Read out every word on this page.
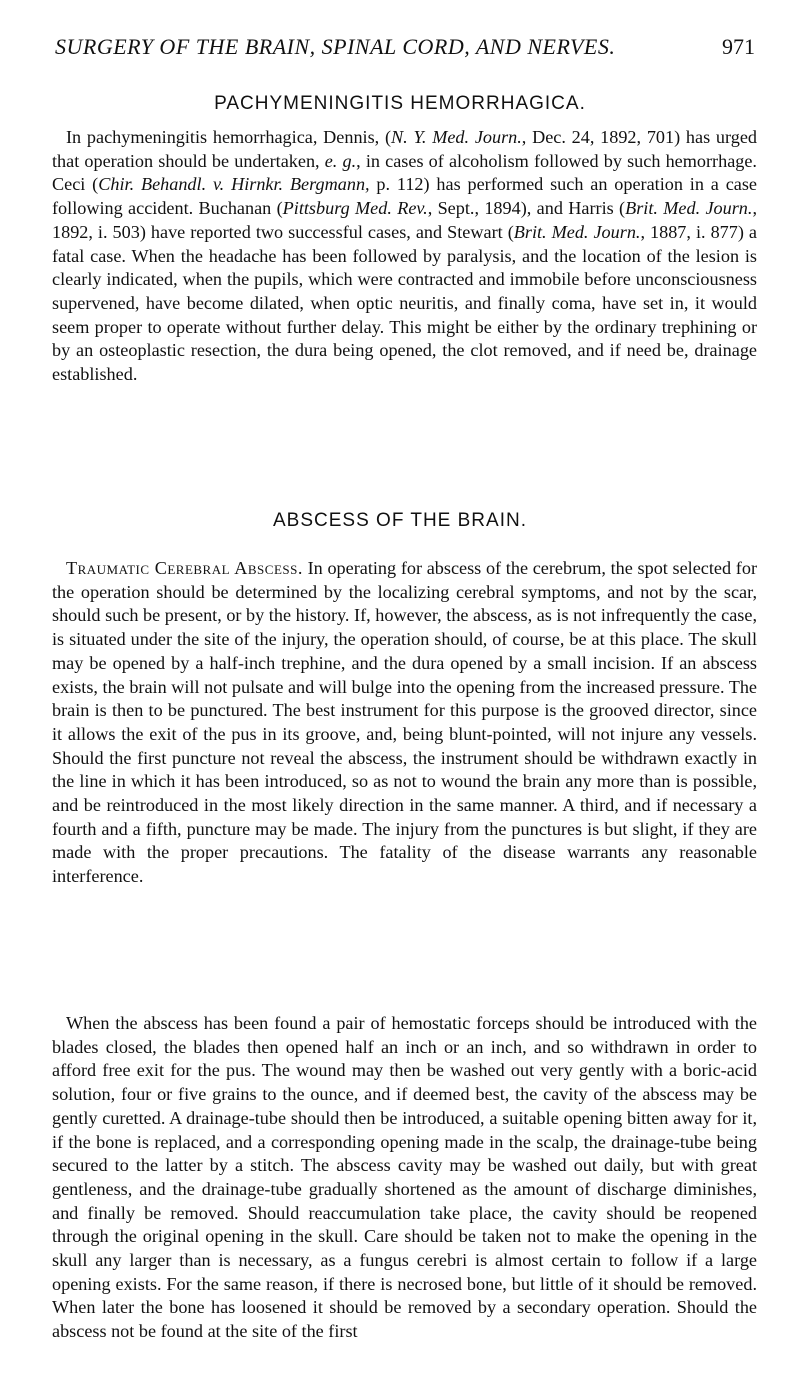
SURGERY OF THE BRAIN, SPINAL CORD, AND NERVES.	971
PACHYMENINGITIS HEMORRHAGICA.

In pachymeningitis hemorrhagica, Dennis, (N. Y. Med. Journ., Dec. 24, 1892, 701) has urged that operation should be undertaken, e. g., in cases of alcoholism followed by such hemorrhage. Ceci (Chir. Behandl. v. Hirnkr. Bergmann, p. 112) has performed such an operation in a case following accident. Buchanan (Pittsburg Med. Rev., Sept., 1894), and Harris (Brit. Med. Journ., 1892, i. 503) have reported two successful cases, and Stewart (Brit. Med. Journ., 1887, i. 877) a fatal case. When the headache has been followed by paralysis, and the location of the lesion is clearly indicated, when the pupils, which were contracted and immobile before unconsciousness supervened, have become dilated, when optic neuritis, and finally coma, have set in, it would seem proper to operate without further delay. This might be either by the ordinary trephining or by an osteoplastic resection, the dura being opened, the clot removed, and if need be, drainage established.

ABSCESS OF THE BRAIN.

Traumatic Cerebral Abscess. In operating for abscess of the cerebrum, the spot selected for the operation should be determined by the localizing cerebral symptoms, and not by the scar, should such be present, or by the history. If, however, the abscess, as is not infrequently the case, is situated under the site of the injury, the operation should, of course, be at this place. The skull may be opened by a half-inch trephine, and the dura opened by a small incision. If an abscess exists, the brain will not pulsate and will bulge into the opening from the increased pressure. The brain is then to be punctured. The best instrument for this purpose is the grooved director, since it allows the exit of the pus in its groove, and, being blunt-pointed, will not injure any vessels. Should the first puncture not reveal the abscess, the instrument should be withdrawn exactly in the line in which it has been introduced, so as not to wound the brain any more than is possible, and be reintroduced in the most likely direction in the same manner. A third, and if necessary a fourth and a fifth, puncture may be made. The injury from the punctures is but slight, if they are made with the proper precautions. The fatality of the disease warrants any reasonable interference.

When the abscess has been found a pair of hemostatic forceps should be introduced with the blades closed, the blades then opened half an inch or an inch, and so withdrawn in order to afford free exit for the pus. The wound may then be washed out very gently with a boric-acid solution, four or five grains to the ounce, and if deemed best, the cavity of the abscess may be gently curetted. A drainage-tube should then be introduced, a suitable opening bitten away for it, if the bone is replaced, and a corresponding opening made in the scalp, the drainage-tube being secured to the latter by a stitch. The abscess cavity may be washed out daily, but with great gentleness, and the drainage-tube gradually shortened as the amount of discharge diminishes, and finally be removed. Should reaccumulation take place, the cavity should be reopened through the original opening in the skull. Care should be taken not to make the opening in the skull any larger than is necessary, as a fungus cerebri is almost certain to follow if a large opening exists. For the same reason, if there is necrosed bone, but little of it should be removed. When later the bone has loosened it should be removed by a secondary operation. Should the abscess not be found at the site of the first
